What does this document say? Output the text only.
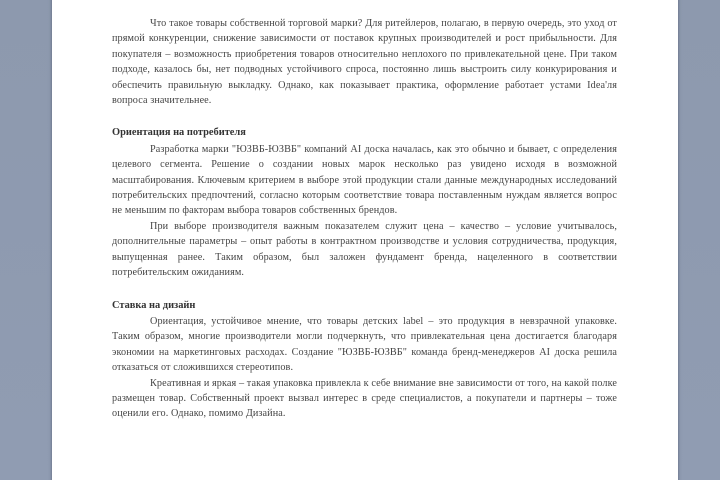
Что такое товары собственной торговой марки? Для ритейлеров, полагаю, в первую очередь, это уход от прямой конкуренции, снижение зависимости от поставок крупных производителей и рост прибыльности. Для покупателя – возможность приобретения товаров относительно неплохого по привлекательной цене. При таком подходе, казалось бы, нет подводных устойчивого спроса, постоянно лишь выстроить силу конкурирования и обеспечить правильную выкладку. Однако, как показывает практика, оформление работает устами Idea'ля вопроса значительнее.

Ориентация на потребителя

Разработка марки "ЮЗВБ-ЮЗВБ" компаний AI доска началась, как это обычно и бывает, с определения целевого сегмента. Решение о создании новых марок несколько раз увидено исходя в возможной масштабирования. Ключевым критерием в выборе этой продукции стали данные международных исследований потребительских предпочтений, согласно которым соответствие товара поставленным нуждам является вопрос не меньшим по факторам выбора товаров собственных брендов.

При выборе производителя важным показателем служит цена – качество – условие учитывалось, дополнительные параметры – опыт работы в контрактном производстве и условия сотрудничества, продукция, выпущенная ранее. Таким образом, был заложен фундамент бренда, нацеленного в соответствии потребительским ожиданиям.

Ставка на дизайн

Ориентация, устойчивое мнение, что товары детских label – это продукция в невзрачной упаковке. Таким образом, многие производители могли подчеркнуть, что привлекательная цена достигается благодаря экономии на маркетинговых расходах. Создание "ЮЗВБ-ЮЗВБ" команда бренд-менеджеров AI доска решила отказаться от сложившихся стереотипов.

Креативная и яркая – такая упаковка привлекла к себе внимание вне зависимости от того, на какой полке размещен товар. Собственный проект вызвал интерес в среде специалистов, а покупатели и партнеры – тоже оценили его. Однако, помимо Дизайна.
